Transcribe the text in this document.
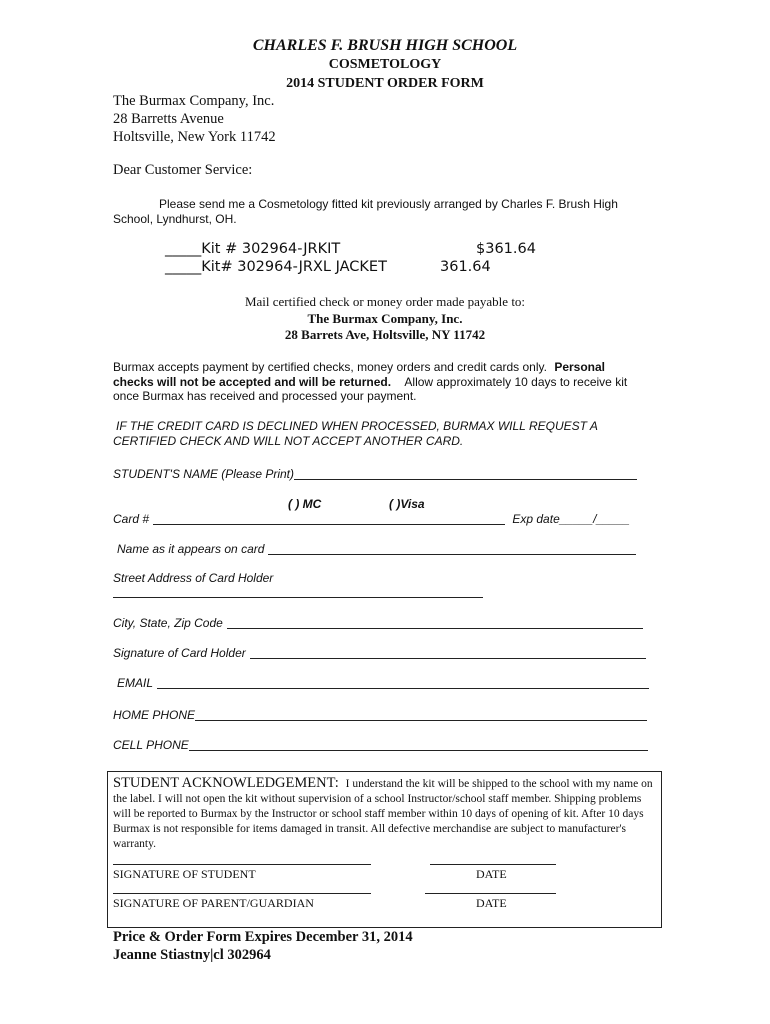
CHARLES F. BRUSH HIGH SCHOOL
COSMETOLOGY
2014 STUDENT ORDER FORM
The Burmax Company, Inc.
28 Barretts Avenue
Holtsville, New York 11742
Dear Customer Service:
Please send me a Cosmetology fitted kit previously arranged by Charles F. Brush High
School, Lyndhurst, OH.
_____Kit # 302964-JRKIT	$361.64
_____Kit# 302964-JRXL JACKET	361.64
Mail certified check or money order made payable to:
The Burmax Company, Inc.
28 Barrets Ave, Holtsville, NY 11742
Burmax accepts payment by certified checks, money orders and credit cards only. Personal
checks will not be accepted and will be returned. Allow approximately 10 days to receive kit
once Burmax has received and processed your payment.
IF THE CREDIT CARD IS DECLINED WHEN PROCESSED, BURMAX WILL REQUEST A
CERTIFIED CHECK AND WILL NOT ACCEPT ANOTHER CARD.
STUDENT'S NAME (Please Print)
( ) MC	( )Visa
Card #	Exp date_____/_____
Name as it appears on card
Street Address of Card Holder
City, State, Zip Code
Signature of Card Holder
EMAIL
HOME PHONE
CELL PHONE
STUDENT ACKNOWLEDGEMENT: I understand the kit will be shipped to the school with my name on the label. I will not open the kit without supervision of a school Instructor/school staff member. Shipping problems will be reported to Burmax by the Instructor or school staff member within 10 days of opening of kit. After 10 days Burmax is not responsible for items damaged in transit. All defective merchandise are subject to manufacturer's warranty.
SIGNATURE OF STUDENT	DATE
SIGNATURE OF PARENT/GUARDIAN	DATE
Price & Order Form Expires December 31, 2014
Jeanne Stiastny|cl 302964
